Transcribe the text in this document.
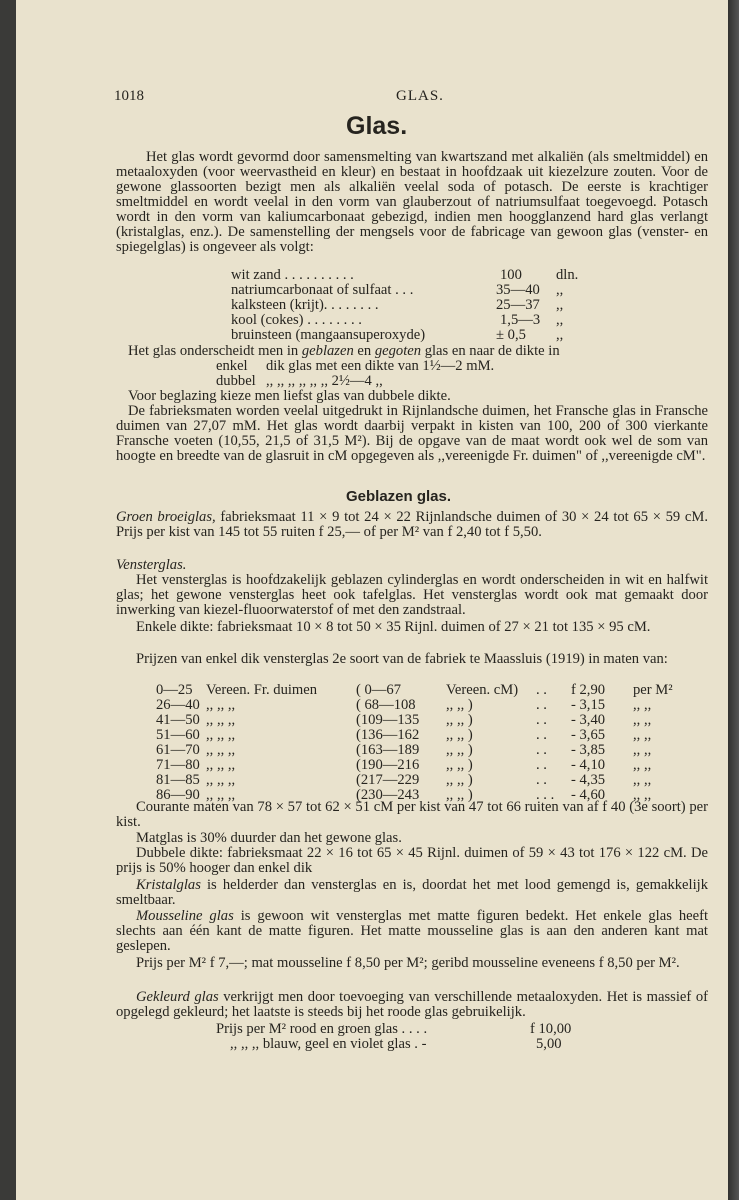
1018	GLAS.
Glas.
Het glas wordt gevormd door samensmelting van kwartszand met alkaliën (als smeltmiddel) en metaaloxyden (voor weervastheid en kleur) en bestaat in hoofdzaak uit kiezelzure zouten. Voor de gewone glassoorten bezigt men als alkaliën veelal soda of potasch. De eerste is krachtiger smeltmiddel en wordt veelal in den vorm van glauberzout of natriumsulfaat toegevoegd. Potasch wordt in den vorm van kaliumcarbonaat gebezigd, indien men hoogglanzend hard glas verlangt (kristalglas, enz.). De samenstelling der mengsels voor de fabricage van gewoon glas (venster- en spiegelglas) is ongeveer als volgt:
wit zand . . . . . . . . . .	100 dln.
natriumcarbonaat of sulfaat . . .	35—40 ,,
kalksteen (krijt). . . . . . . .	25—37 ,,
kool (cokes) . . . . . . . .	1,5—3 ,,
bruinsteen (mangaansuperoxyde)	± 0,5 ,,
Het glas onderscheidt men in geblazen en gegoten glas en naar de dikte in
enkel dik glas met een dikte van 1½—2 mM.
dubbel ,, ,, ,, ,, ,, ,, 2½—4 ,,
Voor beglazing kieze men liefst glas van dubbele dikte.
De fabrieksmaten worden veelal uitgedrukt in Rijnlandsche duimen, het Fransche glas in Fransche duimen van 27,07 mM. Het glas wordt daarbij verpakt in kisten van 100, 200 of 300 vierkante Fransche voeten (10,55, 21,5 of 31,5 M²). Bij de opgave van de maat wordt ook wel de som van hoogte en breedte van de glasruit in cM opgegeven als ,,vereenigde Fr. duimen" of ,,vereenigde cM".
Geblazen glas.
Groen broeiglas, fabrieksmaat 11 × 9 tot 24 × 22 Rijnlandsche duimen of 30 × 24 tot 65 × 59 cM. Prijs per kist van 145 tot 55 ruiten f 25,— of per M² van f 2,40 tot f 5,50.
Vensterglas.
Het vensterglas is hoofdzakelijk geblazen cylinderglas en wordt onderscheiden in wit en halfwit glas; het gewone vensterglas heet ook tafelglas. Het vensterglas wordt ook mat gemaakt door inwerking van kiezel-fluoorwaterstof of met den zandstraal.
Enkele dikte: fabrieksmaat 10 × 8 tot 50 × 35 Rijnl. duimen of 27 × 21 tot 135 × 95 cM.
Prijzen van enkel dik vensterglas 2e soort van de fabriek te Maassluis (1919) in maten van:
0—25 Vereen. Fr. duimen	( 0—67	Vereen. cM) . . f 2,90 per M²
26—40 ,, ,, ,,	( 68—108 ,, ,, )	. . - 3,15 ,, ,,
41—50 ,, ,, ,,	(109—135 ,, ,, )	. . - 3,40 ,, ,,
51—60 ,, ,, ,,	(136—162 ,, ,, )	. . - 3,65 ,, ,,
61—70 ,, ,, ,,	(163—189 ,, ,, )	. . - 3,85 ,, ,,
71—80 ,, ,, ,,	(190—216 ,, ,, )	. . - 4,10 ,, ,,
81—85 ,, ,, ,,	(217—229 ,, ,, )	. . - 4,35 ,, ,,
86—90 ,, ,, ,,	(230—243 ,, ,, )	. . . - 4,60 ,, ,,
Courante maten van 78 × 57 tot 62 × 51 cM per kist van 47 tot 66 ruiten van af f 40 (3e soort) per kist.
Matglas is 30% duurder dan het gewone glas.
Dubbele dikte: fabrieksmaat 22 × 16 tot 65 × 45 Rijnl. duimen of 59 × 43 tot 176 × 122 cM. De prijs is 50% hooger dan enkel dik
Kristalglas is helderder dan vensterglas en is, doordat het met lood gemengd is, gemakkelijk smeltbaar.
Mousseline glas is gewoon wit vensterglas met matte figuren bedekt. Het enkele glas heeft slechts aan één kant de matte figuren. Het matte mousseline glas is aan den anderen kant mat geslepen.
Prijs per M² f 7,—; mat mousseline f 8,50 per M²; geribd mousseline eveneens f 8,50 per M².
Gekleurd glas verkrijgt men door toevoeging van verschillende metaaloxyden. Het is massief of opgelegd gekleurd; het laatste is steeds bij het roode glas gebruikelijk.
Prijs per M² rood en groen glas . . . .	f 10,00
,, ,, ,, blauw, geel en violet glas . -	5,00
